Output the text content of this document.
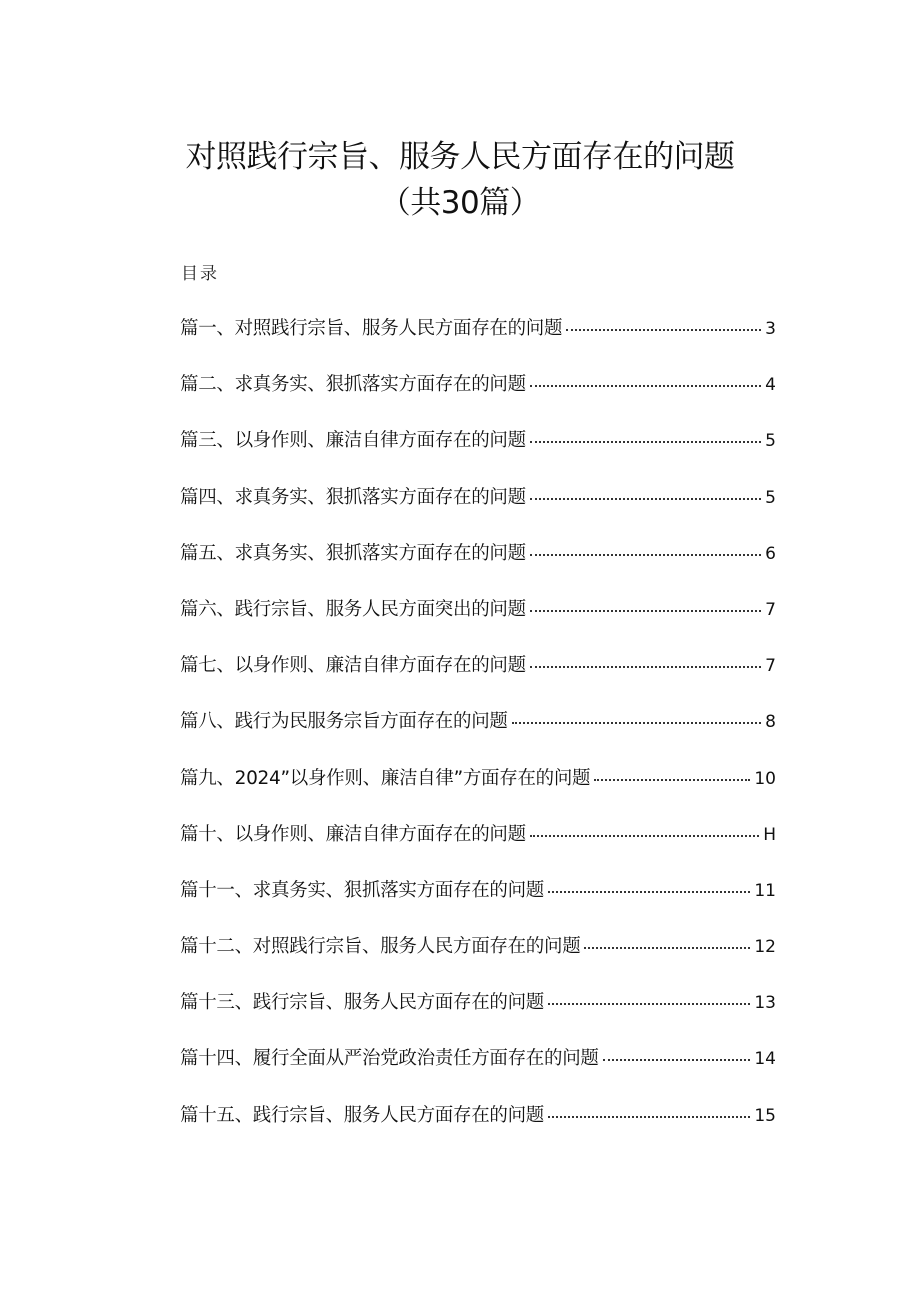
对照践行宗旨、服务人民方面存在的问题
（共30篇）
目录
篇一、对照践行宗旨、服务人民方面存在的问题	3
篇二、求真务实、狠抓落实方面存在的问题	4
篇三、以身作则、廉洁自律方面存在的问题	5
篇四、求真务实、狠抓落实方面存在的问题	5
篇五、求真务实、狠抓落实方面存在的问题	6
篇六、践行宗旨、服务人民方面突出的问题	7
篇七、以身作则、廉洁自律方面存在的问题	7
篇八、践行为民服务宗旨方面存在的问题	8
篇九、2024”以身作则、廉洁自律”方面存在的问题	10
篇十、以身作则、廉洁自律方面存在的问题	H
篇十一、求真务实、狠抓落实方面存在的问题	11
篇十二、对照践行宗旨、服务人民方面存在的问题	12
篇十三、践行宗旨、服务人民方面存在的问题	13
篇十四、履行全面从严治党政治责任方面存在的问题	14
篇十五、践行宗旨、服务人民方面存在的问题	15
